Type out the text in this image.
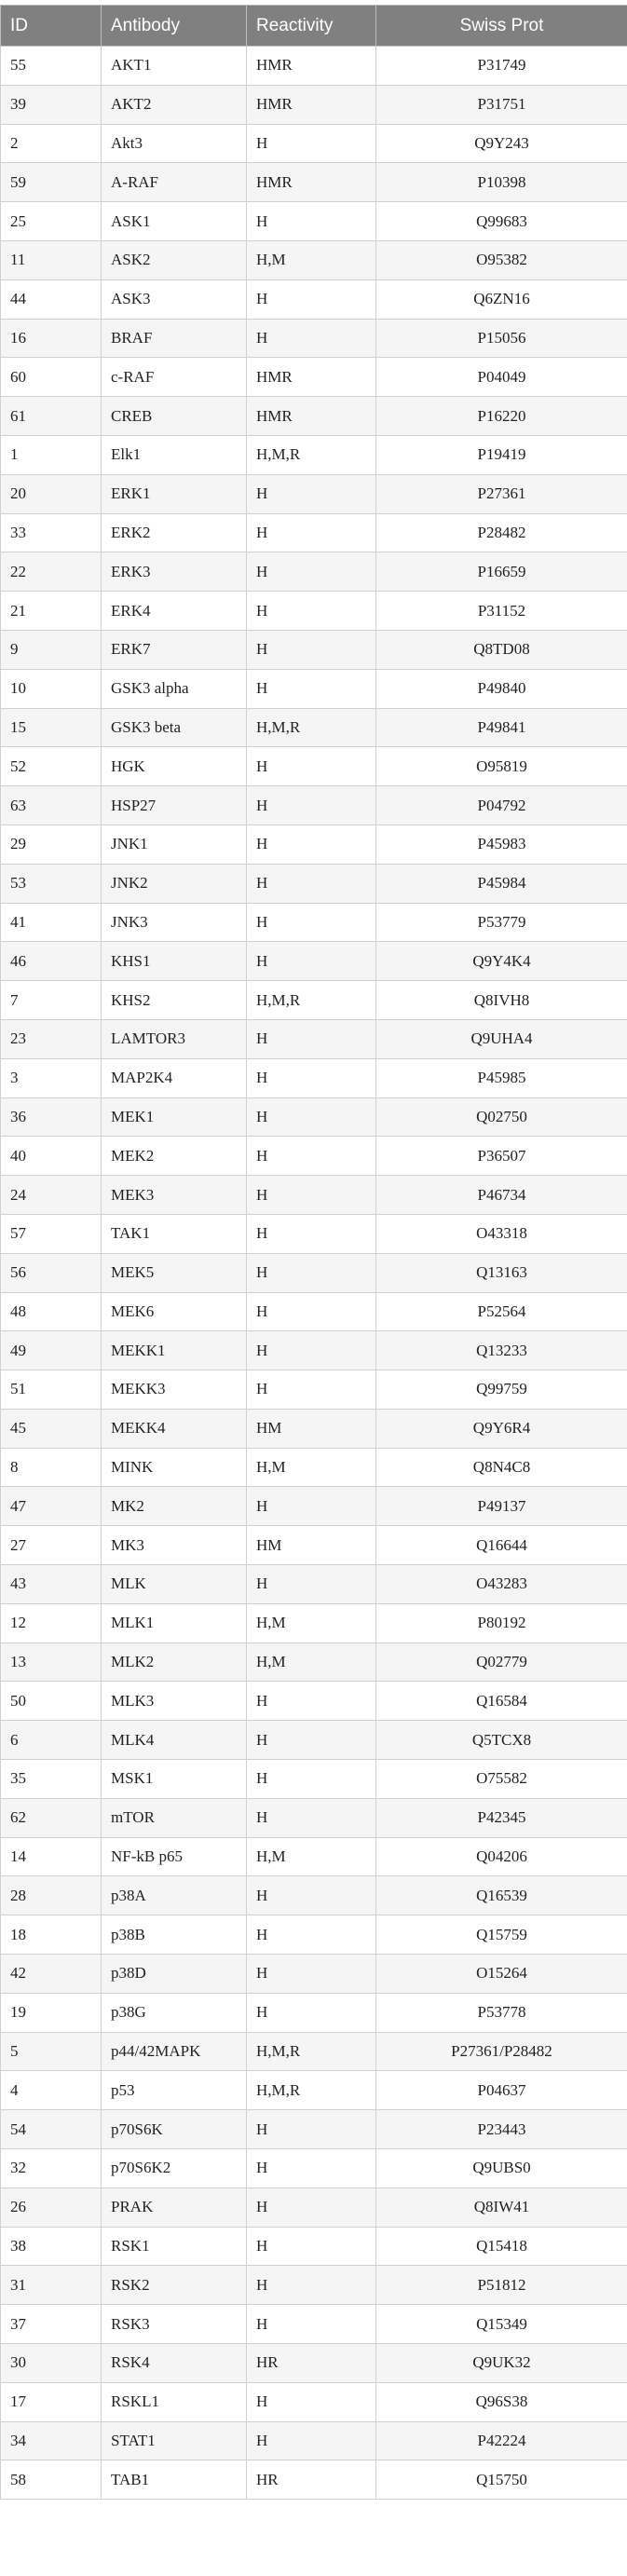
ID	Antibody	Reactivity	Swiss Prot
55	AKT1	HMR	P31749
39	AKT2	HMR	P31751
2	Akt3	H	Q9Y243
59	A-RAF	HMR	P10398
25	ASK1	H	Q99683
11	ASK2	H,M	O95382
44	ASK3	H	Q6ZN16
16	BRAF	H	P15056
60	c-RAF	HMR	P04049
61	CREB	HMR	P16220
1	Elk1	H,M,R	P19419
20	ERK1	H	P27361
33	ERK2	H	P28482
22	ERK3	H	P16659
21	ERK4	H	P31152
9	ERK7	H	Q8TD08
10	GSK3 alpha	H	P49840
15	GSK3 beta	H,M,R	P49841
52	HGK	H	O95819
63	HSP27	H	P04792
29	JNK1	H	P45983
53	JNK2	H	P45984
41	JNK3	H	P53779
46	KHS1	H	Q9Y4K4
7	KHS2	H,M,R	Q8IVH8
23	LAMTOR3	H	Q9UHA4
3	MAP2K4	H	P45985
36	MEK1	H	Q02750
40	MEK2	H	P36507
24	MEK3	H	P46734
57	TAK1	H	O43318
56	MEK5	H	Q13163
48	MEK6	H	P52564
49	MEKK1	H	Q13233
51	MEKK3	H	Q99759
45	MEKK4	HM	Q9Y6R4
8	MINK	H,M	Q8N4C8
47	MK2	H	P49137
27	MK3	HM	Q16644
43	MLK	H	O43283
12	MLK1	H,M	P80192
13	MLK2	H,M	Q02779
50	MLK3	H	Q16584
6	MLK4	H	Q5TCX8
35	MSK1	H	O75582
62	mTOR	H	P42345
14	NF-kB p65	H,M	Q04206
28	p38A	H	Q16539
18	p38B	H	Q15759
42	p38D	H	O15264
19	p38G	H	P53778
5	p44/42MAPK	H,M,R	P27361/P28482
4	p53	H,M,R	P04637
54	p70S6K	H	P23443
32	p70S6K2	H	Q9UBS0
26	PRAK	H	Q8IW41
38	RSK1	H	Q15418
31	RSK2	H	P51812
37	RSK3	H	Q15349
30	RSK4	HR	Q9UK32
17	RSKL1	H	Q96S38
34	STAT1	H	P42224
58	TAB1	HR	Q15750
